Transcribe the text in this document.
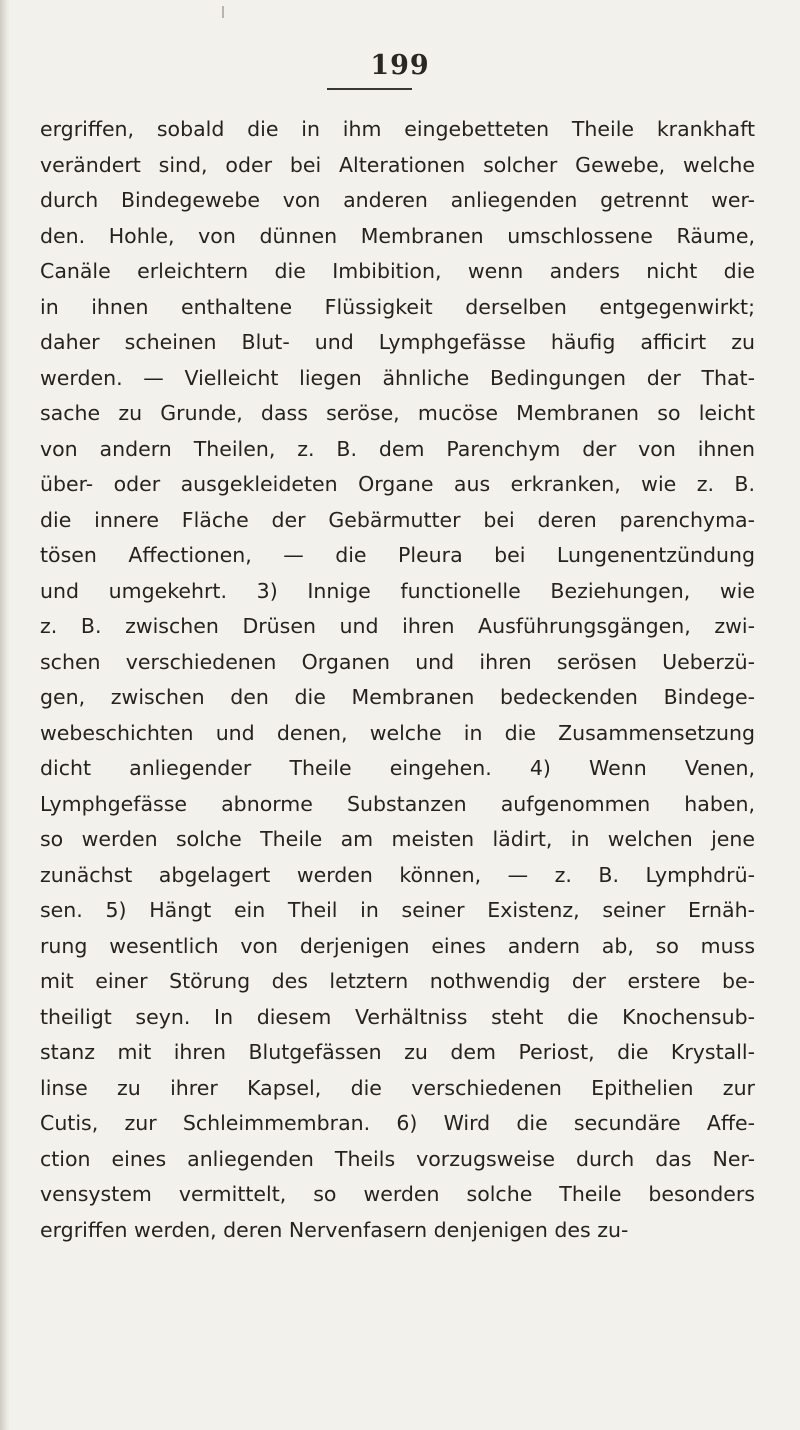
199
ergriffen, sobald die in ihm eingebetteten Theile krankhaft
verändert sind, oder bei Alterationen solcher Gewebe, welche
durch Bindegewebe von anderen anliegenden getrennt wer-
den. Hohle, von dünnen Membranen umschlossene Räume,
Canäle erleichtern die Imbibition, wenn anders nicht die
in ihnen enthaltene Flüssigkeit derselben entgegenwirkt;
daher scheinen Blut- und Lymphgefässe häufig afficirt zu
werden. — Vielleicht liegen ähnliche Bedingungen der That-
sache zu Grunde, dass seröse, mucöse Membranen so leicht
von andern Theilen, z. B. dem Parenchym der von ihnen
über- oder ausgekleideten Organe aus erkranken, wie z. B.
die innere Fläche der Gebärmutter bei deren parenchyma-
tösen Affectionen, — die Pleura bei Lungenentzündung
und umgekehrt. 3) Innige functionelle Beziehungen, wie
z. B. zwischen Drüsen und ihren Ausführungsgängen, zwi-
schen verschiedenen Organen und ihren serösen Ueberzü-
gen, zwischen den die Membranen bedeckenden Bindege-
webeschichten und denen, welche in die Zusammensetzung
dicht anliegender Theile eingehen. 4) Wenn Venen,
Lymphgefässe abnorme Substanzen aufgenommen haben,
so werden solche Theile am meisten lädirt, in welchen jene
zunächst abgelagert werden können, — z. B. Lymphdrü-
sen. 5) Hängt ein Theil in seiner Existenz, seiner Ernäh-
rung wesentlich von derjenigen eines andern ab, so muss
mit einer Störung des letztern nothwendig der erstere be-
theiligt seyn. In diesem Verhältniss steht die Knochensub-
stanz mit ihren Blutgefässen zu dem Periost, die Krystall-
linse zu ihrer Kapsel, die verschiedenen Epithelien zur
Cutis, zur Schleimmembran. 6) Wird die secundäre Affe-
ction eines anliegenden Theils vorzugsweise durch das Ner-
vensystem vermittelt, so werden solche Theile besonders
ergriffen werden, deren Nervenfasern denjenigen des zu-
